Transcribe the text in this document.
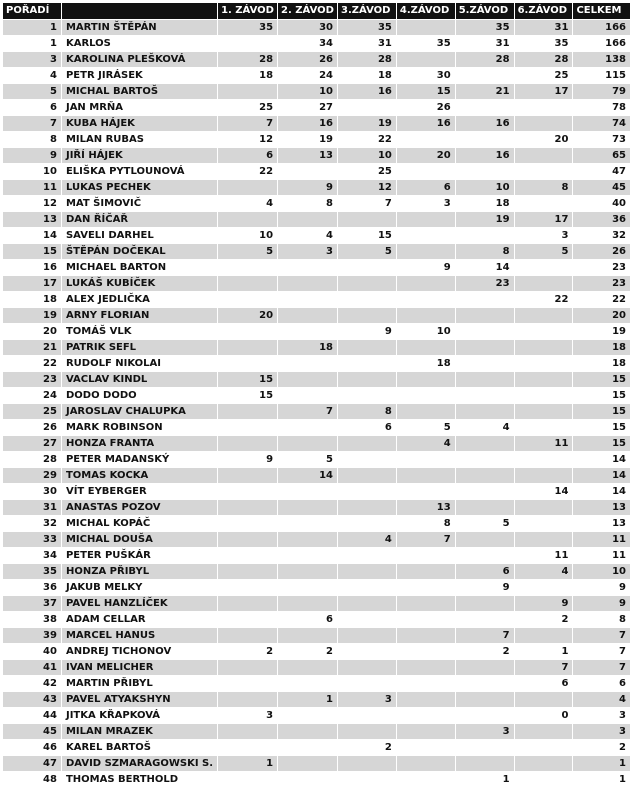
POŘADÍ		1. ZÁVOD	2. ZÁVOD	3.ZÁVOD	4.ZÁVOD	5.ZÁVOD	6.ZÁVOD	CELKEM
1	MARTIN ŠTĚPÁN	35	30	35		35	31	166
1	KARLOS		34	31	35	31	35	166
3	KAROLINA PLEŠKOVÁ	28	26	28		28	28	138
4	PETR JIRÁSEK	18	24	18	30		25	115
5	MICHAL BARTOŠ		10	16	15	21	17	79
6	JAN MRŇA	25	27		26			78
7	KUBA HÁJEK	7	16	19	16	16		74
8	MILAN RUBAS	12	19	22			20	73
9	JIŘÍ HÁJEK	6	13	10	20	16		65
10	ELIŠKA PYTLOUNOVÁ	22		25				47
11	LUKAS PECHEK		9	12	6	10	8	45
12	MAT ŠIMOVIČ	4	8	7	3	18		40
13	DAN ŘÍČAŘ					19	17	36
14	SAVELI DARHEL	10	4	15			3	32
15	ŠTĚPÁN DOČEKAL	5	3	5		8	5	26
16	MICHAEL BARTON				9	14		23
17	LUKÁŠ KUBÍČEK					23		23
18	ALEX JEDLIČKA						22	22
19	ARNY FLORIAN	20						20
20	TOMÁŠ VLK			9	10			19
21	PATRIK SEFL		18					18
22	RUDOLF NIKOLAI				18			18
23	VACLAV KINDL	15						15
24	DODO DODO	15						15
25	JAROSLAV CHALUPKA		7	8				15
26	MARK ROBINSON			6	5	4		15
27	HONZA FRANTA				4		11	15
28	PETER MADANSKÝ	9	5					14
29	TOMAS KOCKA		14					14
30	VÍT EYBERGER						14	14
31	ANASTAS POZOV				13			13
32	MICHAL KOPÁČ				8	5		13
33	MICHAL DOUŠA			4	7			11
34	PETER PUŠKÁR						11	11
35	HONZA PŘIBYL					6	4	10
36	JAKUB MELKY					9		9
37	PAVEL HANZLÍČEK						9	9
38	ADAM CELLAR		6				2	8
39	MARCEL HANUS					7		7
40	ANDREJ TICHONOV	2	2			2	1	7
41	IVAN MELICHER						7	7
42	MARTIN PŘIBYL						6	6
43	PAVEL ATYAKSHYN		1	3				4
44	JITKA KŘAPKOVÁ	3					0	3
45	MILAN MRAZEK					3		3
46	KAREL BARTOŠ			2				2
47	DAVID SZMARAGOWSKI S.	1						1
48	THOMAS BERTHOLD					1		1
